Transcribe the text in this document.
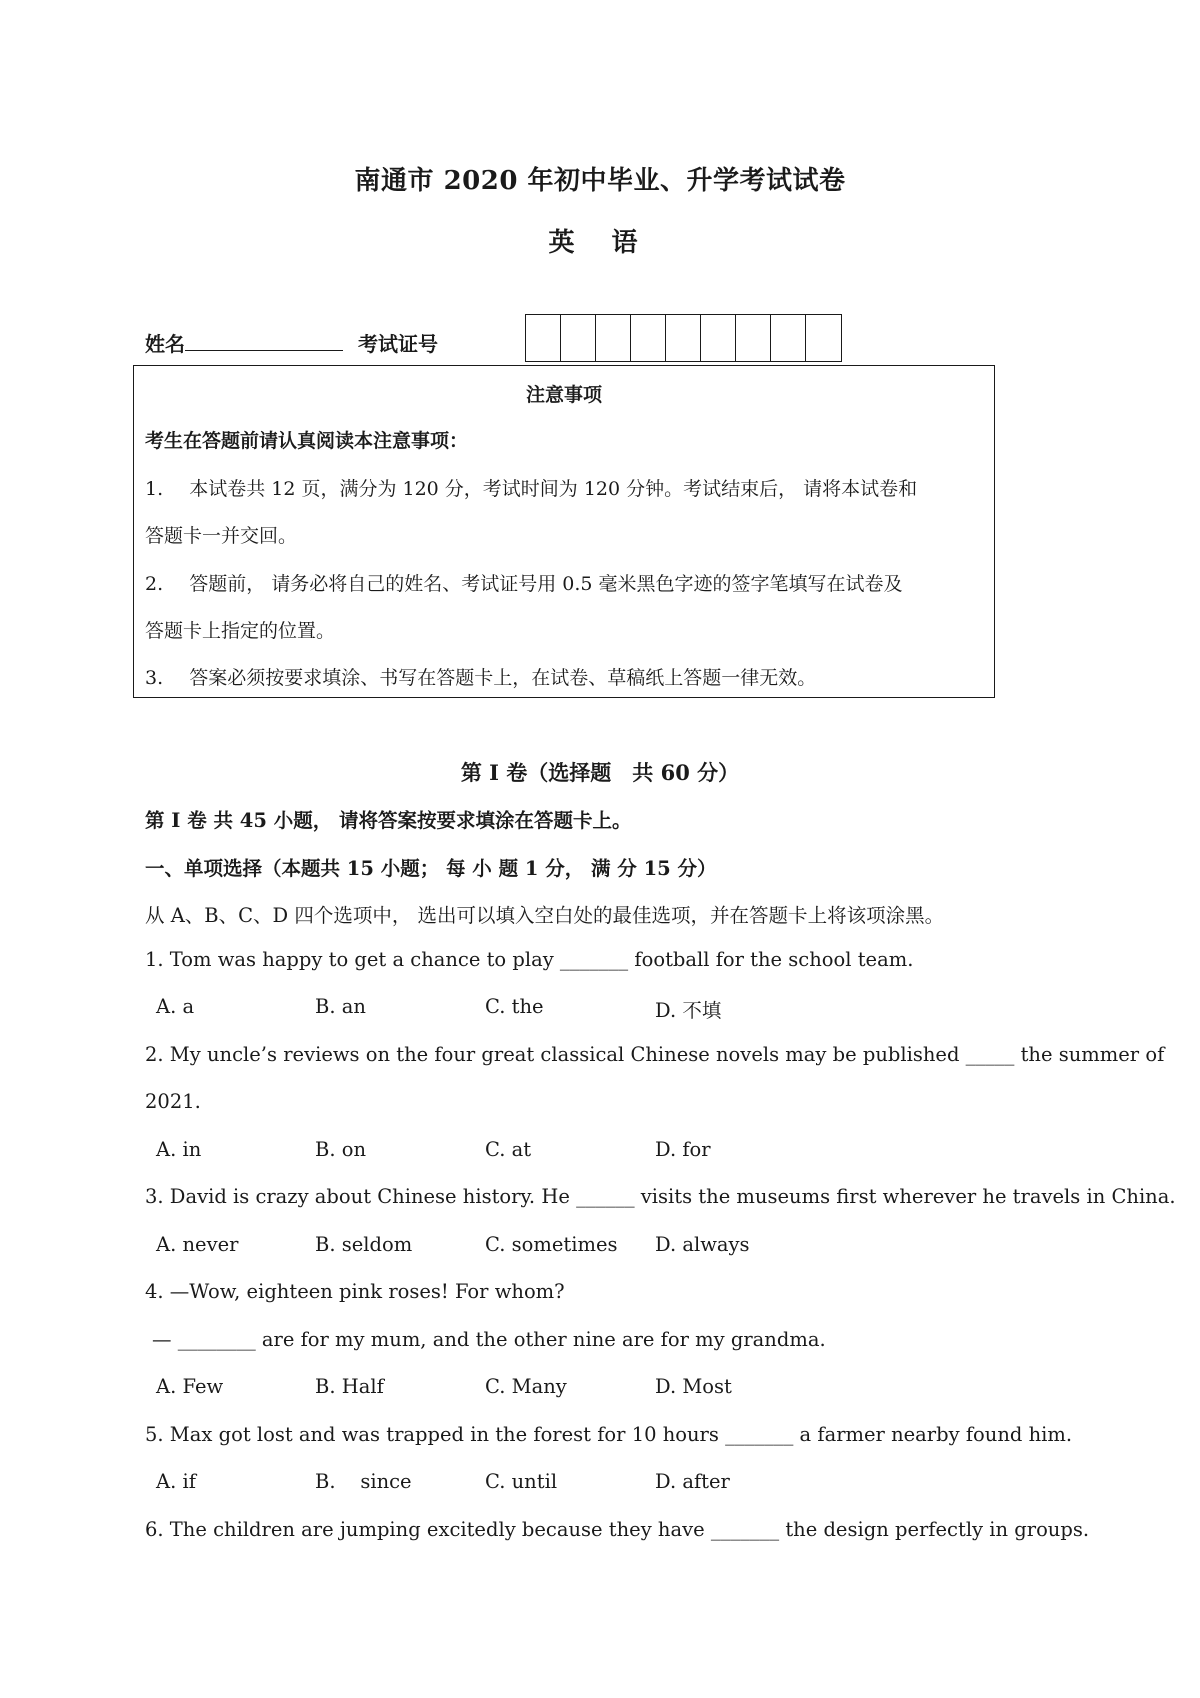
南通市 2020 年初中毕业、升学考试试卷
英 语
姓名	考试证号
注意事项
考生在答题前请认真阅读本注意事项：
1. 本试卷共 12 页，满分为 120 分，考试时间为 120 分钟。考试结束后， 请将本试卷和
答题卡一并交回。
2. 答题前， 请务必将自己的姓名、考试证号用 0.5 毫米黑色字迹的签字笔填写在试卷及
答题卡上指定的位置。
3. 答案必须按要求填涂、书写在答题卡上，在试卷、草稿纸上答题一律无效。
第 I 卷（选择题　共 60 分）
第 I 卷 共 45 小题， 请将答案按要求填涂在答题卡上。
一、单项选择（本题共 15 小题； 每 小 题 1 分， 满 分 15 分）
从 A、B、C、D 四个选项中， 选出可以填入空白处的最佳选项，并在答题卡上将该项涂黑。
1. Tom was happy to get a chance to play _______ football for the school team.
A. a	B. an	C. the	D. 不填
2. My uncle’s reviews on the four great classical Chinese novels may be published _____ the summer of
2021.
A. in	B. on	C. at	D. for
3. David is crazy about Chinese history. He ______ visits the museums first wherever he travels in China.
A. never	B. seldom	C. sometimes D. always
4. —Wow, eighteen pink roses! For whom?
— ________ are for my mum, and the other nine are for my grandma.
A. Few	B. Half	C. Many	D. Most
5. Max got lost and was trapped in the forest for 10 hours _______ a farmer nearby found him.
A. if	B.    since	C. until	D. after
6. The children are jumping excitedly because they have _______ the design perfectly in groups.
